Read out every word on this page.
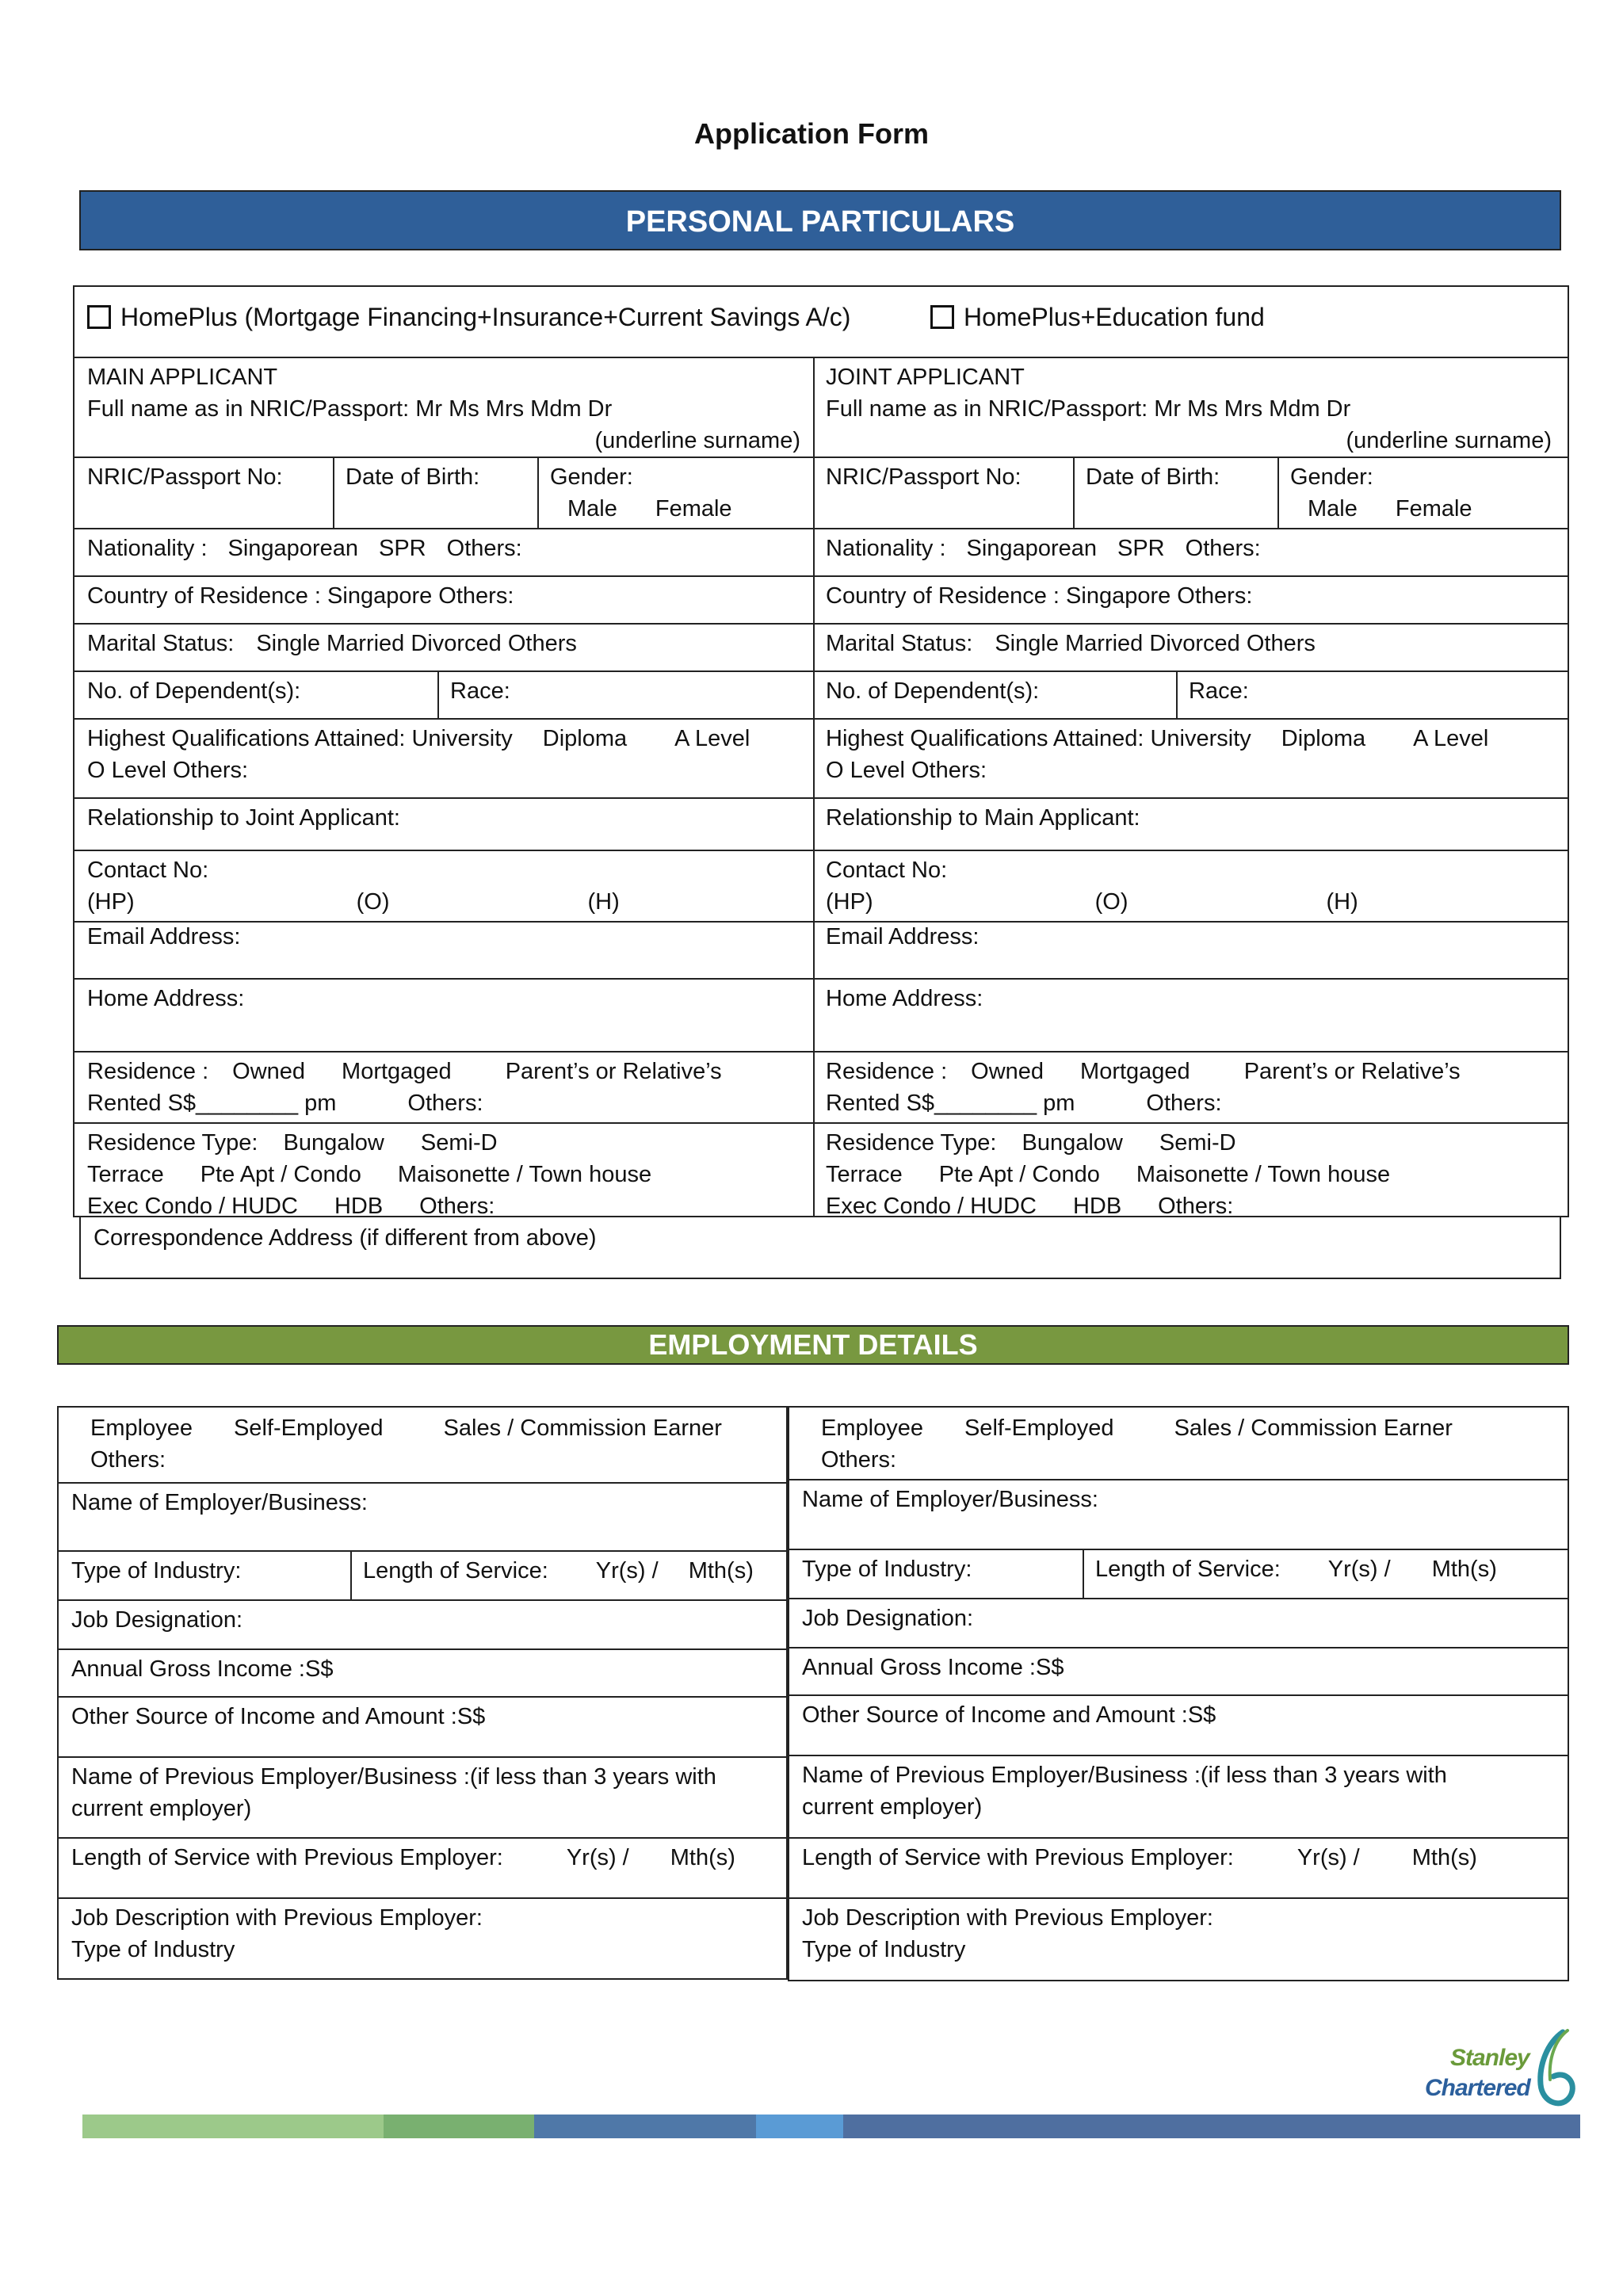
Application Form
PERSONAL PARTICULARS
HomePlus (Mortgage Financing+Insurance+Current Savings A/c)	HomePlus+Education fund
MAIN APPLICANT
Full name as in NRIC/Passport: Mr Ms Mrs Mdm Dr
(underline surname)
NRIC/Passport No:	Date of Birth:	Gender:
Male Female
Nationality : Singaporean SPR Others:
Country of Residence : Singapore Others:
Marital Status: Single Married Divorced Others
No. of Dependent(s):	Race:
Highest Qualifications Attained: University Diploma A Level
O Level Others:
Relationship to Joint Applicant:
Contact No:
(HP)	(O)	(H)
Email Address:
Home Address:
Residence : Owned Mortgaged Parent’s or Relative’s
Rented S$________ pm	Others:
Residence Type: Bungalow Semi-D
Terrace Pte Apt / Condo Maisonette / Town house
Exec Condo / HUDC HDB Others:
JOINT APPLICANT
Full name as in NRIC/Passport: Mr Ms Mrs Mdm Dr
(underline surname)
NRIC/Passport No:	Date of Birth:	Gender:
Male Female
Nationality : Singaporean SPR Others:
Country of Residence : Singapore Others:
Marital Status: Single Married Divorced Others
No. of Dependent(s):	Race:
Highest Qualifications Attained: University Diploma A Level
O Level Others:
Relationship to Main Applicant:
Contact No:
(HP)	(O)	(H)
Email Address:
Home Address:
Residence : Owned Mortgaged Parent’s or Relative’s
Rented S$________ pm	Others:
Residence Type: Bungalow Semi-D
Terrace Pte Apt / Condo Maisonette / Town house
Exec Condo / HUDC HDB Others:
Correspondence Address (if different from above)
EMPLOYMENT DETAILS
Employee Self-Employed	Sales / Commission Earner
Others:
Name of Employer/Business:
Type of Industry:	Length of Service: Yr(s) / Mth(s)
Job Designation:
Annual Gross Income :S$
Other Source of Income and Amount :S$
Name of Previous Employer/Business :(if less than 3 years with
current employer)
Length of Service with Previous Employer:	Yr(s) / Mth(s)
Job Description with Previous Employer:
Type of Industry
Employee Self-Employed	Sales / Commission Earner
Others:
Name of Employer/Business:
Type of Industry:	Length of Service: Yr(s) / Mth(s)
Job Designation:
Annual Gross Income :S$
Other Source of Income and Amount :S$
Name of Previous Employer/Business :(if less than 3 years with
current employer)
Length of Service with Previous Employer:	Yr(s) / Mth(s)
Job Description with Previous Employer:
Type of Industry
Stanley
Chartered
